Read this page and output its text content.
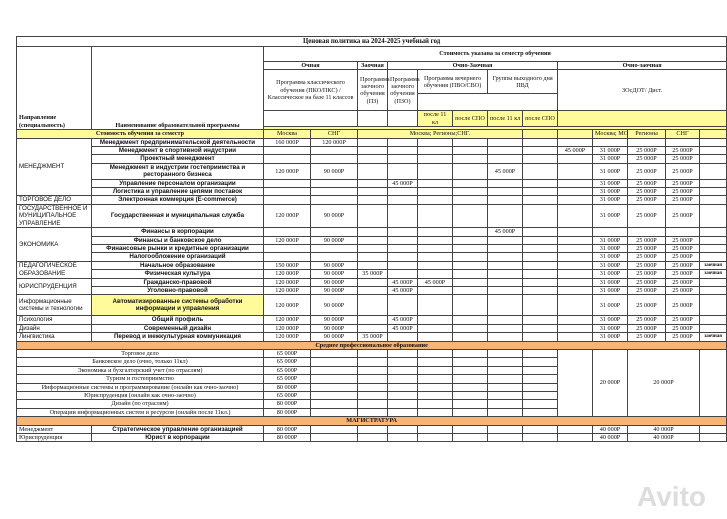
Ценовая политика на 2024-2025 учебный год														
Направление (специальность)	Наименование образовательной программы	Стоимость указана за семестр обучения												
		Очная		Заочная	Очно-Заочная					Очно-заочная				
		Программа классического обучения (ПКО/ПКС) / Классическое на базе 11 классов		Программа заочного обучения (ПЗ)	Программа заочного обучения (ПЗО)	Программа вечернего обучения (ПВО/СВО)		Группы выходного дня ПВД		ЗОсДОТ/ Дист.				

						после 11 кл	после СПО	после 11 кл	после СПО					

Стоимость обучения за семестр		Москва	СНГ	Москва; Регионы;СНГ.							Москва; МО	Регионы	СНГ	
МЕНЕДЖМЕНТ	Менеджмент предпринимательской деятельности	160 000Р	120 000Р											
	Менеджмент в спортивной индустрии									45 000Р	31 000Р	25 000Р	25 000Р	
	Проектный менеджмент										31 000Р	25 000Р	25 000Р	
	Менеджмент в индустрии гостеприимства и ресторанного бизнеса	120 000Р	90 000Р					45 000Р			31 000Р	25 000Р	25 000Р	
	Управление персоналом организации				45 000Р						31 000Р	25 000Р	25 000Р	
	Логистика и управление цепями поставок										31 000Р	25 000Р	25 000Р	
ТОРГОВОЕ ДЕЛО	Электронная коммерция (E-commerce)										31 000Р	25 000Р	25 000Р	
ГОСУДАРСТВЕННОЕ И МУНИЦИПАЛЬНОЕ УПРАВЛЕНИЕ	Государственная и муниципальная служба	120 000Р	90 000Р								31 000Р	25 000Р	25 000Р	
ЭКОНОМИКА	Финансы в корпорации							45 000Р						
	Финансы и банковское дело	120 000Р	90 000Р								31 000Р	25 000Р	25 000Р	
	Финансовые рынки и кредитные организации										31 000Р	25 000Р	25 000Р	
	Налогообложение организаций										31 000Р	25 000Р	25 000Р	
ПЕДАГОГИЧЕСКОЕ ОБРАЗОВАНИЕ	Начальное образование	150 000Р	90 000Р								31 000Р	25 000Р	25 000Р	заочная
	Физическая культура	120 000Р	90 000Р	35 000Р							31 000Р	25 000Р	25 000Р	заочная
ЮРИСПРУДЕНЦИЯ	Гражданско-правовой	120 000Р	90 000Р		45 000Р	45 000Р					31 000Р	25 000Р	25 000Р	
	Уголовно-правовой	120 000Р	90 000Р		45 000Р						31 000Р	25 000Р	25 000Р	
Информационные системы и технологии	Автоматизированные системы обработки информации и управления	120 000Р	90 000Р								31 000Р	25 000Р	25 000Р	
Психология	Общий профиль	120 000Р	90 000Р		45 000Р						31 000Р	25 000Р	25 000Р	
Дизайн	Современный дизайн	120 000Р	90 000Р		45 000Р						31 000Р	25 000Р	25 000Р	
Лингвистика	Перевод и межкультурная коммуникация	120 000Р	90 000Р	35 000Р							31 000Р	25 000Р	25 000Р	заочная
Среднее профессиональное образование														
Торговое дело		65 000Р									20 000Р	20 000Р		
Банковское дело (очно, только 11кл)		65 000Р												
Экономика и бухгалтерский учет (по отраслям)		65 000Р												
Туризм и гостеприимство		65 000Р												
Информационные системы и программирование (онлайн как очно-заочно)		80 000Р												
Юриспруденция (онлайн как очно-заочно)		65 000Р												
Дизайн (по отраслям)		80 000Р												
Операции информационных систем и ресурсов (онлайн после 11кл.)		80 000Р												
МАГИСТРАТУРА														
Менеджмент	Стратегическое управление организацией	80 000Р									40 000Р	40 000Р		
Юриспруденция	Юрист в корпорации	80 000Р									40 000Р	40 000Р		
Avito
